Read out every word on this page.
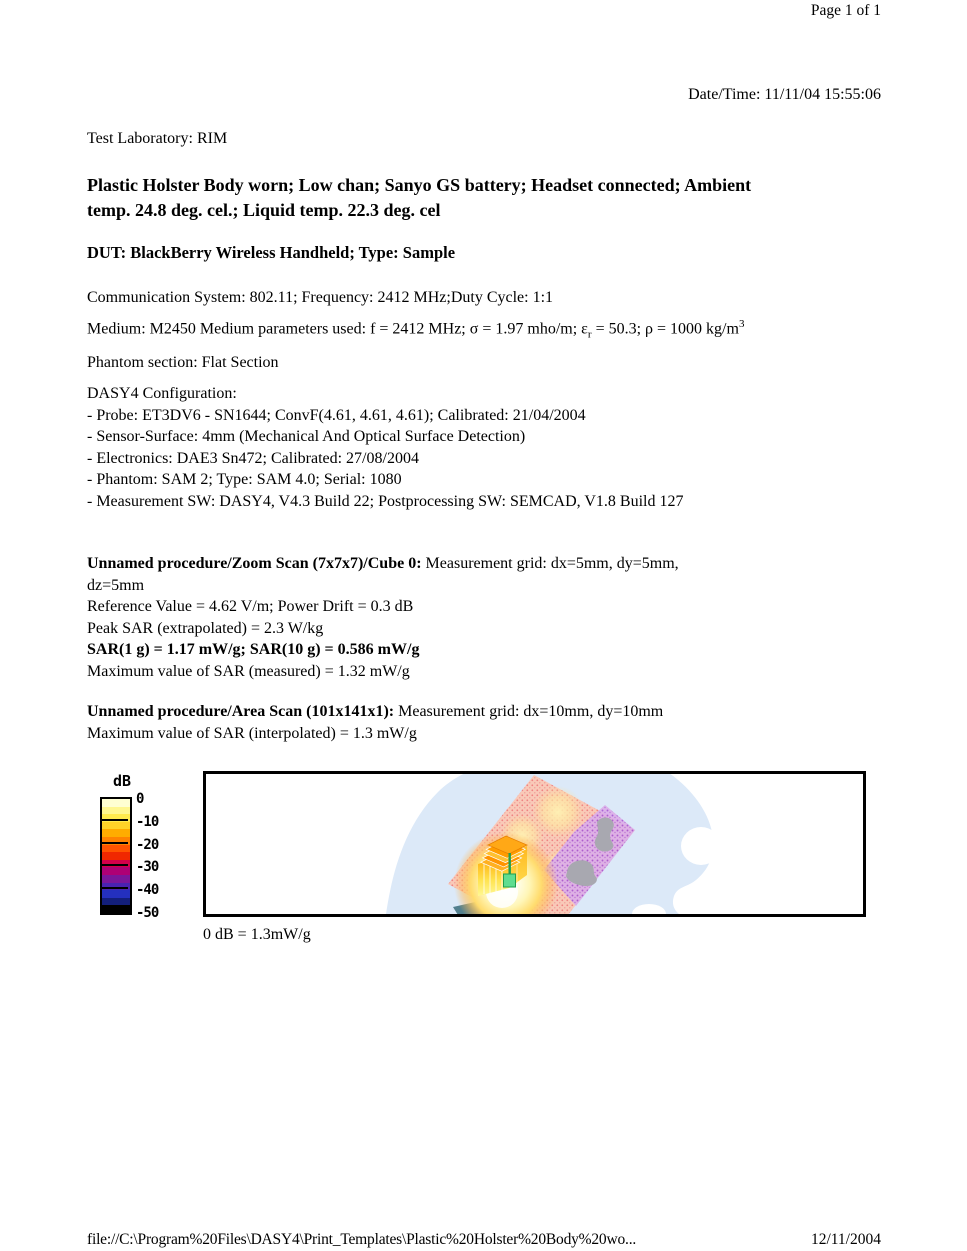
Page 1 of 1
Date/Time: 11/11/04 15:55:06
Test Laboratory: RIM
Plastic Holster Body worn; Low chan; Sanyo GS battery; Headset connected; Ambient
temp. 24.8 deg. cel.; Liquid temp. 22.3 deg. cel
DUT: BlackBerry Wireless Handheld; Type: Sample
Communication System: 802.11; Frequency: 2412 MHz;Duty Cycle: 1:1
Medium: M2450 Medium parameters used: f = 2412 MHz; σ = 1.97 mho/m; $\varepsilon_r = 50.3$; ρ = 1000 $kg/m^3$
Phantom section: Flat Section
DASY4 Configuration:
- Probe: ET3DV6 - SN1644; ConvF(4.61, 4.61, 4.61); Calibrated: 21/04/2004
- Sensor-Surface: 4mm (Mechanical And Optical Surface Detection)
- Electronics: DAE3 Sn472; Calibrated: 27/08/2004
- Phantom: SAM 2; Type: SAM 4.0; Serial: 1080
- Measurement SW: DASY4, V4.3 Build 22; Postprocessing SW: SEMCAD, V1.8 Build 127
Unnamed procedure/Zoom Scan (7x7x7)/Cube 0: Measurement grid: dx=5mm, dy=5mm,
dz=5mm
Reference Value = 4.62 V/m; Power Drift = 0.3 dB
Peak SAR (extrapolated) = 2.3 W/kg
SAR(1 g) = 1.17 mW/g; SAR(10 g) = 0.586 mW/g
Maximum value of SAR (measured) = 1.32 mW/g
Unnamed procedure/Area Scan (101x141x1): Measurement grid: dx=10mm, dy=10mm
Maximum value of SAR (interpolated) = 1.3 mW/g
dB
0
-10
-20
-30
-40
-50
0 dB = 1.3mW/g
file://C:\Program%20Files\DASY4\Print_Templates\Plastic%20Holster%20Body%20wo...	12/11/2004
